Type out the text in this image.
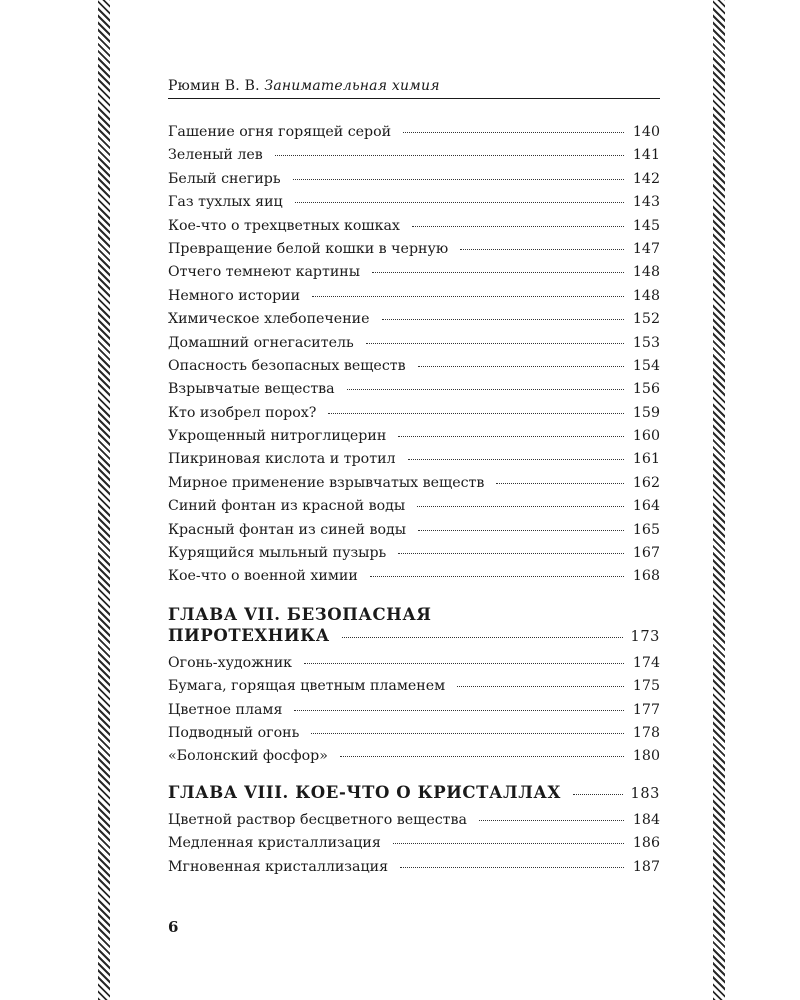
Рюмин В. В. Занимательная химия
Гашение огня горящей серой	140
Зеленый лев	141
Белый снегирь	142
Газ тухлых яиц	143
Кое-что о трехцветных кошках	145
Превращение белой кошки в черную	147
Отчего темнеют картины	148
Немного истории	148
Химическое хлебопечение	152
Домашний огнегаситель	153
Опасность безопасных веществ	154
Взрывчатые вещества	156
Кто изобрел порох?	159
Укрощенный нитроглицерин	160
Пикриновая кислота и тротил	161
Мирное применение взрывчатых веществ	162
Синий фонтан из красной воды	164
Красный фонтан из синей воды	165
Курящийся мыльный пузырь	167
Кое-что о военной химии	168
ГЛАВА VII. БЕЗОПАСНАЯ
ПИРОТЕХНИКА	173
Огонь-художник	174
Бумага, горящая цветным пламенем	175
Цветное пламя	177
Подводный огонь	178
«Болонский фосфор»	180
ГЛАВА VIII. КОЕ-ЧТО О КРИСТАЛЛАХ	183
Цветной раствор бесцветного вещества	184
Медленная кристаллизация	186
Мгновенная кристаллизация	187
6
